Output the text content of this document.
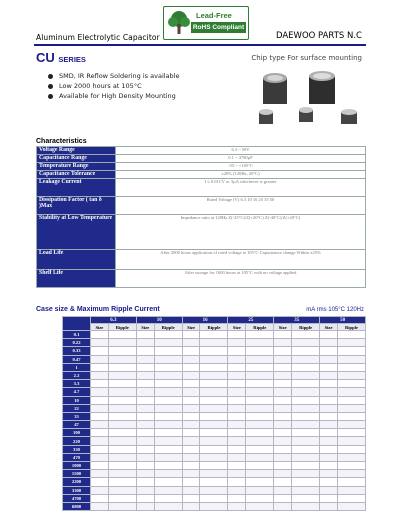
Aluminum Electrolytic Capacitor	DAEWOO PARTS N.C
Lead-Free
RoHS Compliant
CU SERIES	Chip type For surface mounting
SMD, IR Reflow Soldering is available
Low 2000 hours at 105°C
Available for High Density Mounting
Characteristics
Voltage Range	6.3 ~ 50V
Capacitance Range	0.1 ~ 4700µF
Temperature Range	-55 ~ +105°C
Capacitance Tolerance	±20% (120Hz, 20°C)
Leakage Current	I ≤ 0.01CV or 3µA whichever is greater
Dissipation Factor ( tan δ )Max	Rated Voltage (V) 6.3 10 16 25 35 50
Stability at Low Temperature	Impedance ratio at 120Hz Z(-25°C)/Z(+20°C) Z(-40°C)/Z(+20°C)
Load Life	After 2000 hours application of rated voltage at 105°C Capacitance change Within ±25%
Shelf Life	After storage for 1000 hours at 105°C with no voltage applied
Case size & Maximum Ripple Current	mA rms 105°C 120Hz
	6.3		10		16		25		35		50	
	Size	Ripple	Size	Ripple	Size	Ripple	Size	Ripple	Size	Ripple	Size	Ripple
0.1												
0.22												
0.33												
0.47												
1												
2.2												
3.3												
4.7												
10												
22												
33												
47												
100												
220												
330												
470												
1000												
1500												
2200												
3300												
4700												
6800												
